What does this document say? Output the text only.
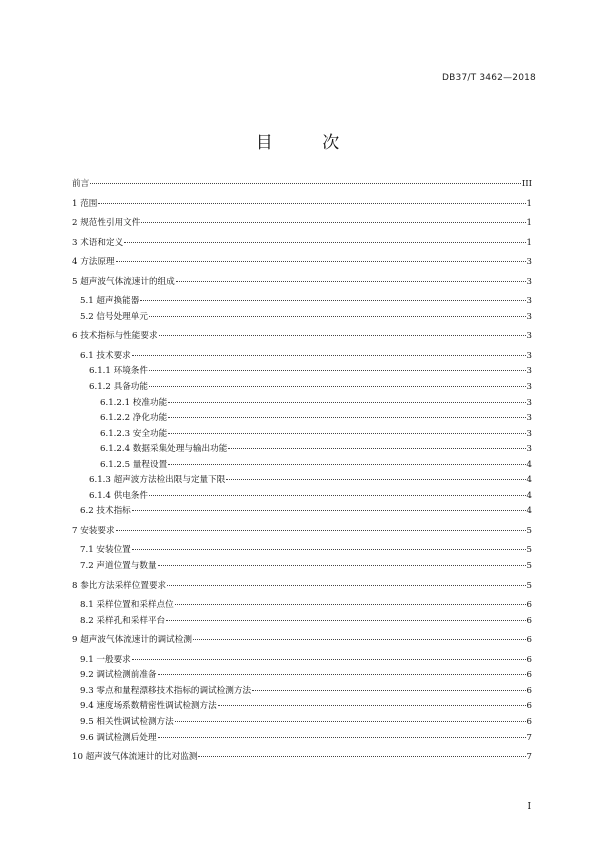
DB37/T 3462—2018
目 次
前言	III
1 范围	1
2 规范性引用文件	1
3 术语和定义	1
4 方法原理	3
5 超声波气体流速计的组成	3
5.1 超声换能器	3
5.2 信号处理单元	3
6 技术指标与性能要求	3
6.1 技术要求	3
6.1.1 环境条件	3
6.1.2 具备功能	3
6.1.2.1 校准功能	3
6.1.2.2 净化功能	3
6.1.2.3 安全功能	3
6.1.2.4 数据采集处理与输出功能	3
6.1.2.5 量程设置	4
6.1.3 超声波方法检出限与定量下限	4
6.1.4 供电条件	4
6.2 技术指标	4
7 安装要求	5
7.1 安装位置	5
7.2 声道位置与数量	5
8 参比方法采样位置要求	5
8.1 采样位置和采样点位	6
8.2 采样孔和采样平台	6
9 超声波气体流速计的调试检测	6
9.1 一般要求	6
9.2 调试检测前准备	6
9.3 零点和量程漂移技术指标的调试检测方法	6
9.4 速度场系数精密性调试检测方法	6
9.5 相关性调试检测方法	6
9.6 调试检测后处理	7
10 超声波气体流速计的比对监测	7
I
